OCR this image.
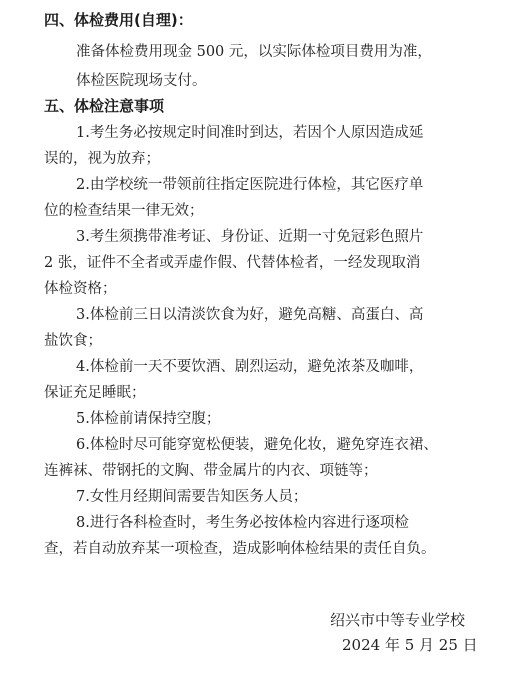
四、体检费用(自理)：
准备体检费用现金 500 元，以实际体检项目费用为准，
体检医院现场支付。
五、体检注意事项
1.考生务必按规定时间准时到达，若因个人原因造成延
误的，视为放弃；
2.由学校统一带领前往指定医院进行体检，其它医疗单
位的检查结果一律无效；
3.考生须携带准考证、身份证、近期一寸免冠彩色照片
2 张，证件不全者或弄虚作假、代替体检者，一经发现取消
体检资格；
3.体检前三日以清淡饮食为好，避免高糖、高蛋白、高
盐饮食；
4.体检前一天不要饮酒、剧烈运动，避免浓茶及咖啡，
保证充足睡眠；
5.体检前请保持空腹；
6.体检时尽可能穿宽松便装，避免化妆，避免穿连衣裙、
连裤袜、带钢托的文胸、带金属片的内衣、项链等；
7.女性月经期间需要告知医务人员；
8.进行各科检查时，考生务必按体检内容进行逐项检
查，若自动放弃某一项检查，造成影响体检结果的责任自负。
绍兴市中等专业学校
2024 年 5 月 25 日
